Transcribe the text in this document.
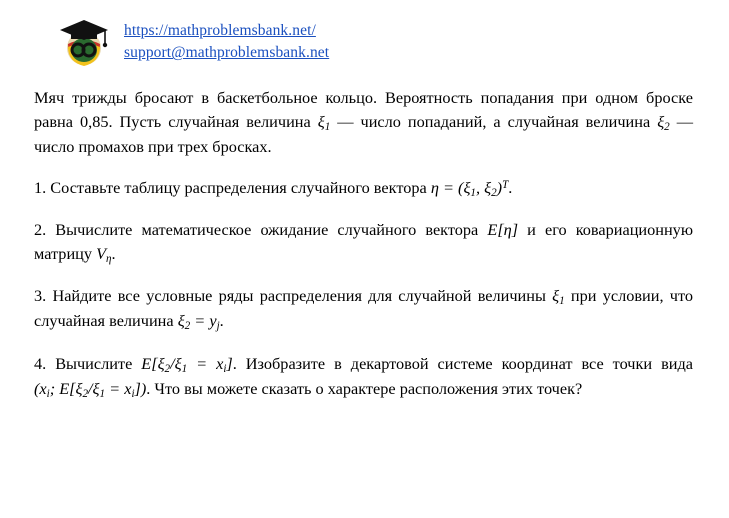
https://mathproblemsbank.net/
support@mathproblemsbank.net

Мяч трижды бросают в баскетбольное кольцо. Вероятность попадания при одном броске равна 0,85. Пусть случайная величина $\xi_1$ — число попаданий, а случайная величина $\xi_2$ — число промахов при трех бросках.

1. Составьте таблицу распределения случайного вектора $\eta = (\xi_1$, $\xi_2)^T$.

2. Вычислите математическое ожидание случайного вектора E[η] и его ковариационную матрицу $V_\eta$.

3. Найдите все условные ряды распределения для случайной величины $\xi_1$ при условии, что случайная величина $\xi_2 = y_j$.

4. Вычислите $E[\xi_2/\xi_1 = x_i]$. Изобразите в декартовой системе координат все точки вида ($x_i$; $E[\xi_2/\xi_1 = x_i]$). Что вы можете сказать о характере расположения этих точек?
